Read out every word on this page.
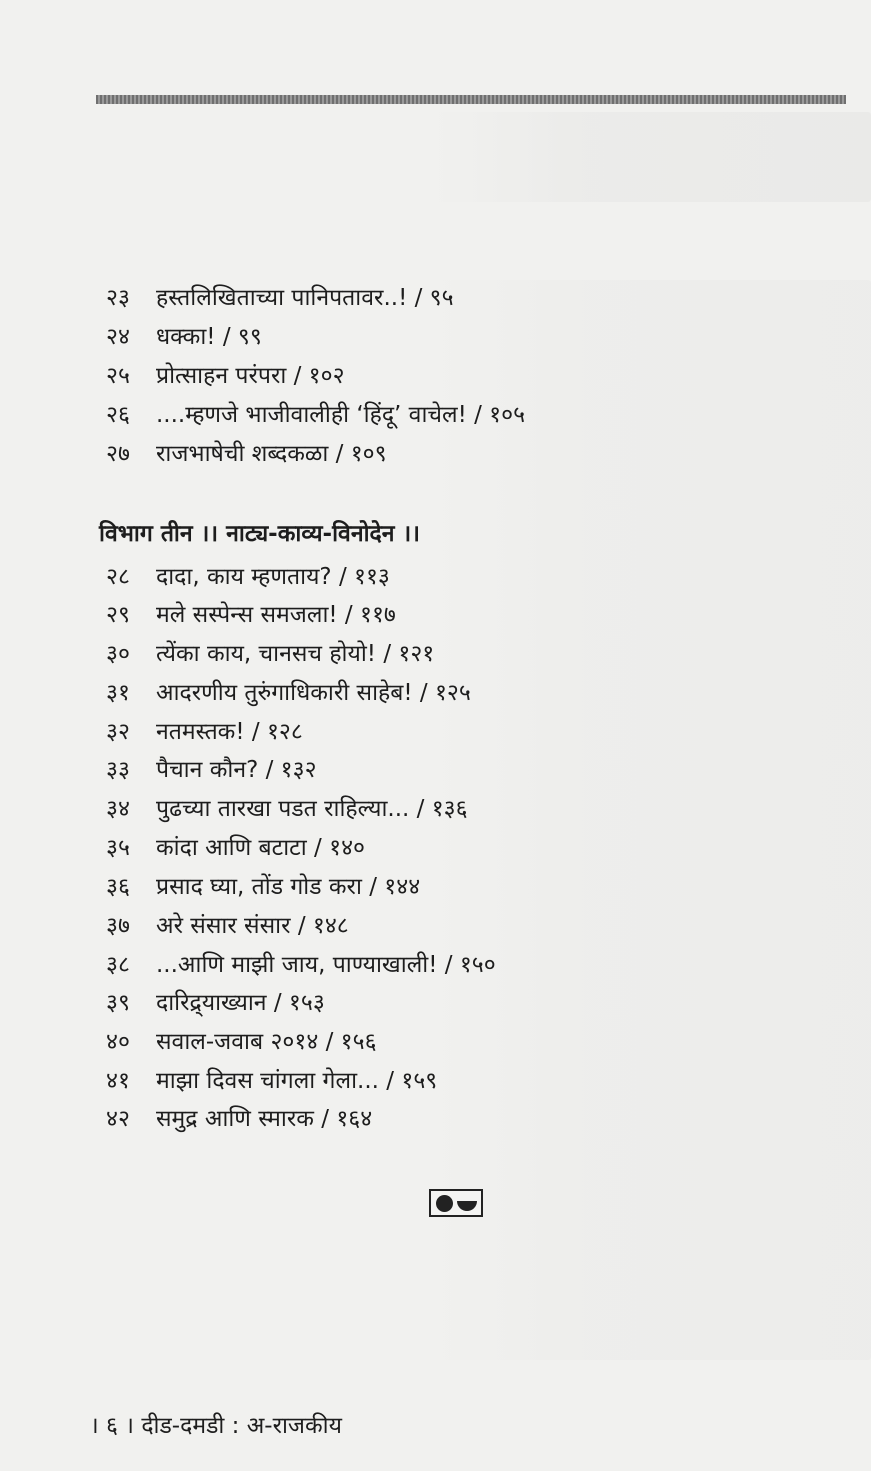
२३ हस्तलिखिताच्या पानिपतावर..! / ९५
२४ धक्का! / ९९
२५ प्रोत्साहन परंपरा / १०२
२६ ....म्हणजे भाजीवालीही ‘हिंदू’ वाचेल! / १०५
२७ राजभाषेची शब्दकळा / १०९
विभाग तीन ।। नाट्य-काव्य-विनोदेन ।।
२८ दादा, काय म्हणताय? / ११३
२९ मले सस्पेन्स समजला! / ११७
३० त्येंका काय, चानसच होयो! / १२१
३१ आदरणीय तुरुंगाधिकारी साहेब! / १२५
३२ नतमस्तक! / १२८
३३ पैचान कौन? / १३२
३४ पुढच्या तारखा पडत राहिल्या... / १३६
३५ कांदा आणि बटाटा / १४०
३६ प्रसाद घ्या, तोंड गोड करा / १४४
३७ अरे संसार संसार / १४८
३८ ...आणि माझी जाय, पाण्याखाली! / १५०
३९ दारिद्र्याख्यान / १५३
४० सवाल-जवाब २०१४ / १५६
४१ माझा दिवस चांगला गेला... / १५९
४२ समुद्र आणि स्मारक / १६४
। ६ । दीड-दमडी : अ-राजकीय
